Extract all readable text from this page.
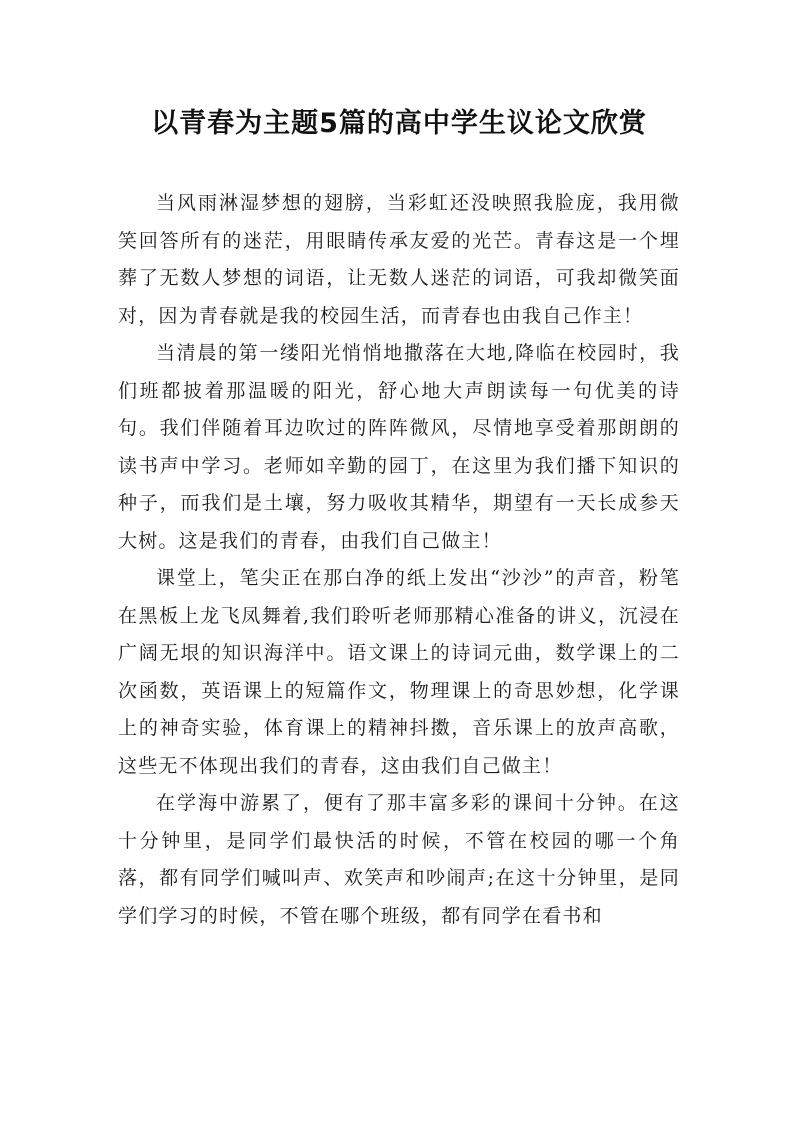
以青春为主题5篇的高中学生议论文欣赏

当风雨淋湿梦想的翅膀，当彩虹还没映照我脸庞，我用微笑回答所有的迷茫，用眼睛传承友爱的光芒。青春这是一个埋葬了无数人梦想的词语，让无数人迷茫的词语，可我却微笑面对，因为青春就是我的校园生活，而青春也由我自己作主！

当清晨的第一缕阳光悄悄地撒落在大地,降临在校园时，我们班都披着那温暖的阳光，舒心地大声朗读每一句优美的诗句。我们伴随着耳边吹过的阵阵微风，尽情地享受着那朗朗的读书声中学习。老师如辛勤的园丁，在这里为我们播下知识的种子，而我们是土壤，努力吸收其精华，期望有一天长成参天大树。这是我们的青春，由我们自己做主！

课堂上，笔尖正在那白净的纸上发出“沙沙”的声音，粉笔在黑板上龙飞凤舞着,我们聆听老师那精心准备的讲义，沉浸在广阔无垠的知识海洋中。语文课上的诗词元曲，数学课上的二次函数，英语课上的短篇作文，物理课上的奇思妙想，化学课上的神奇实验，体育课上的精神抖擞，音乐课上的放声高歌，这些无不体现出我们的青春，这由我们自己做主！

在学海中游累了，便有了那丰富多彩的课间十分钟。在这十分钟里，是同学们最快活的时候，不管在校园的哪一个角落，都有同学们喊叫声、欢笑声和吵闹声;在这十分钟里，是同学们学习的时候，不管在哪个班级，都有同学在看书和
